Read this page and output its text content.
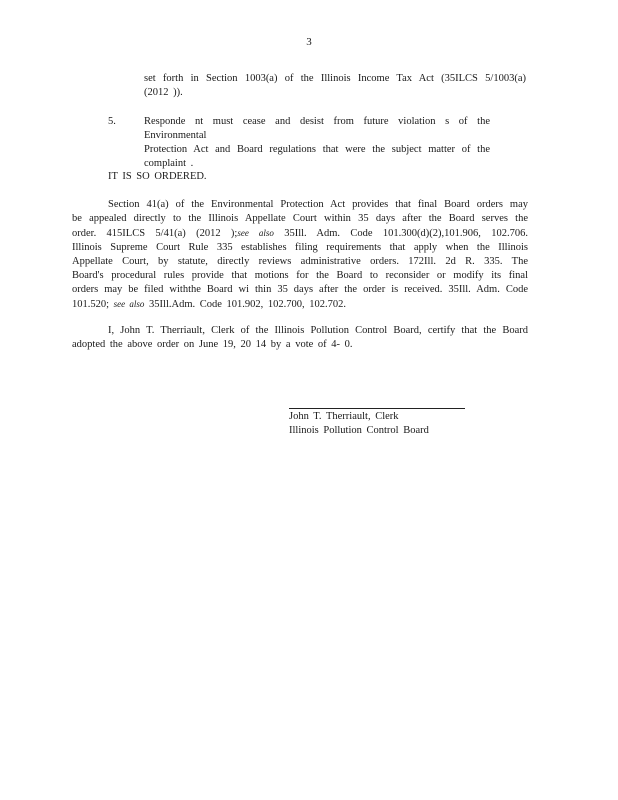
3
set forth in Section 1003(a) of the Illinois Income Tax Act (35ILCS 5/1003(a)
(2012 )).
5.	Responde nt must cease and desist from future violation s of the Environmental
Protection Act and Board regulations that were the subject matter of the
complaint .
IT IS SO ORDERED.
Section 41(a) of the Environmental Protection Act provides that final Board orders may
be appealed directly to the Illinois Appellate Court within 35 days after the Board serves the
order. 415ILCS 5/41(a) (2012 );see also 35Ill. Adm. Code 101.300(d)(2),101.906, 102.706.
Illinois Supreme Court Rule 335 establishes filing requirements that apply when the Illinois
Appellate Court, by statute, directly reviews administrative orders. 172Ill. 2d R. 335. The
Board's procedural rules provide that motions for the Board to reconsider or modify its final
orders may be filed withthe Board wi thin 35 days after the order is received. 35Ill. Adm. Code
101.520; see also 35Ill.Adm. Code 101.902, 102.700, 102.702.
I, John T. Therriault, Clerk of the Illinois Pollution Control Board, certify that the Board
adopted the above order on June 19, 20 14 by a vote of 4- 0.
John T. Therriault, Clerk
Illinois Pollution Control Board
